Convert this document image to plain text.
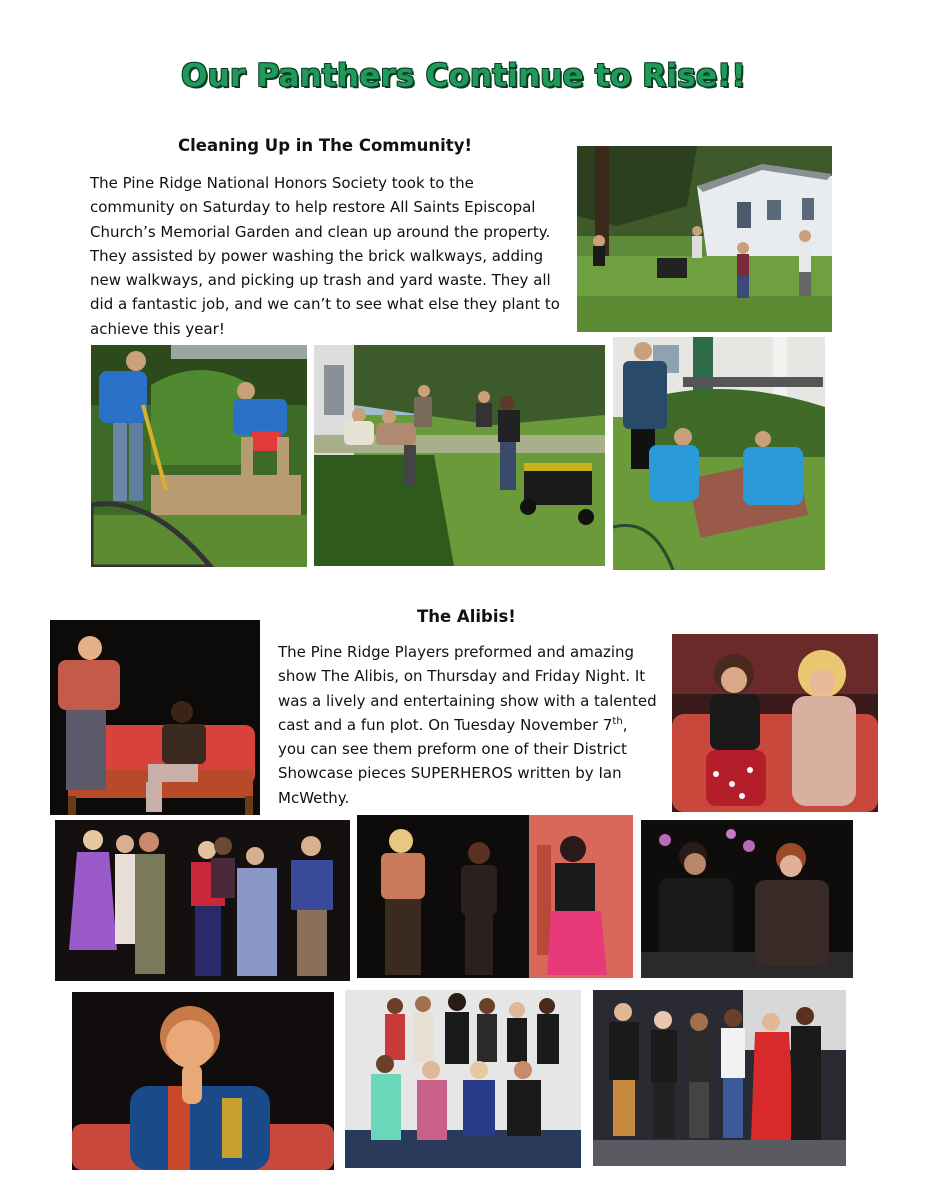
Our Panthers Continue to Rise!!
Cleaning Up in The Community!
The Pine Ridge National Honors Society took to the community on Saturday to help restore All Saints Episcopal Church’s Memorial Garden and clean up around the property. They assisted by power washing the brick walkways, adding new walkways, and picking up trash and yard waste. They all did a fantastic job, and we can’t to see what else they plant to achieve this year!
The Alibis!
The Pine Ridge Players preformed and amazing show The Alibis, on Thursday and Friday Night. It was a lively and entertaining show with a talented cast and a fun plot. On Tuesday November 7th, you can see them preform one of their District Showcase pieces SUPERHEROS written by Ian McWethy.
